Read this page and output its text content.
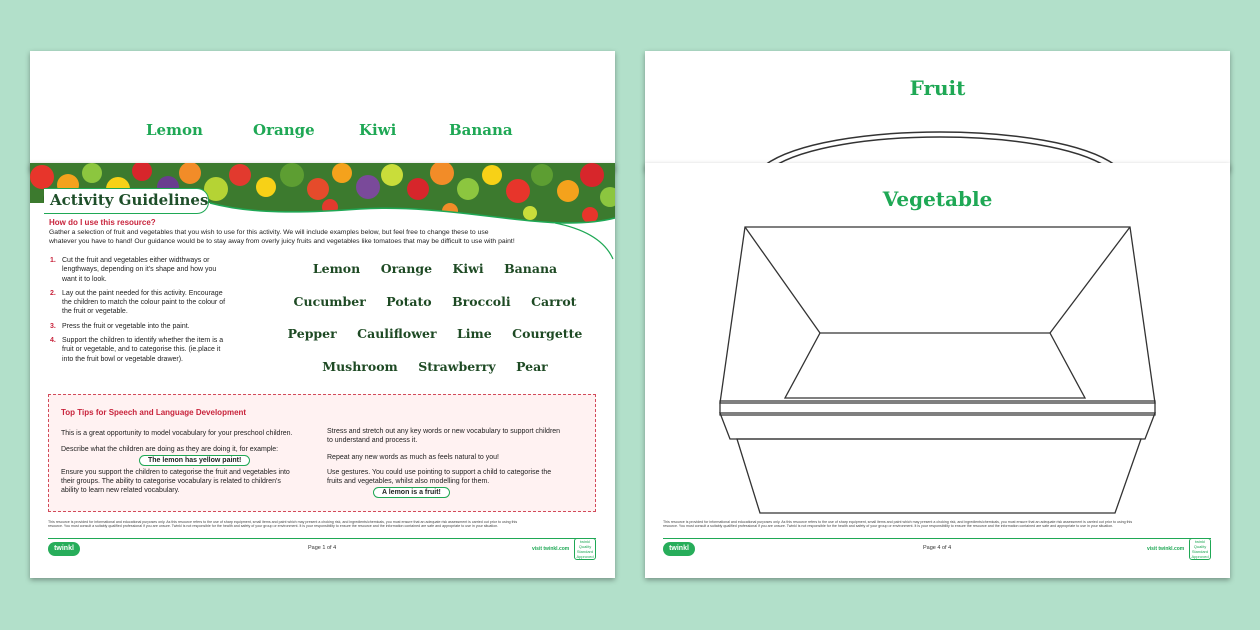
Lemon	Orange	Kiwi	Banana
Activity Guidelines
How do I use this resource?
Gather a selection of fruit and vegetables that you wish to use for this activity. We will include examples below, but feel free to change these to use
whatever you have to hand! Our guidance would be to stay away from overly juicy fruits and vegetables like tomatoes that may be difficult to use with paint!
1. Cut the fruit and vegetables either widthways or
lengthways, depending on it's shape and how you
want it to look.
2. Lay out the paint needed for this activity. Encourage
the children to match the colour paint to the colour of
the fruit or vegetable.
3. Press the fruit or vegetable into the paint.
4. Support the children to identify whether the item is a
fruit or vegetable, and to categorise this. (ie.place it
into the fruit bowl or vegetable drawer).
Lemon Orange Kiwi Banana
Cucumber Potato Broccoli Carrot
Pepper Cauliflower Lime Courgette
Mushroom Strawberry Pear
Top Tips for Speech and Language Development

This is a great opportunity to model vocabulary for your preschool children.

Describe what the children are doing as they are doing it, for example:

The lemon has yellow paint!

Ensure you support the children to categorise the fruit and vegetables into
their groups. The ability to categorise vocabulary is related to children's
ability to learn new related vocabulary.

Stress and stretch out any key words or new vocabulary to support children
to understand and process it.

Repeat any new words as much as feels natural to you!

Use gestures. You could use pointing to support a child to categorise the
fruits and vegetables, whilst also modelling for them.

A lemon is a fruit!
This resource is provided for informational and educational purposes only. As this resource refers to the use of sharp equipment, small items and paint which may present a choking risk, and ingredients/chemicals, you must ensure that an adequate risk assessment is carried out prior to using this
resource. You must consult a suitably qualified professional if you are unsure. Twinkl is not responsible for the health and safety of your group or environment. It is your responsibility to ensure the resource and the information contained are safe and appropriate to use in your situation.
twinkl	Page 1 of 4	visit twinkl.com
twinkl Quality Standard Approved
Fruit
Vegetable
This resource is provided for informational and educational purposes only. As this resource refers to the use of sharp equipment, small items and paint which may present a choking risk, and ingredients/chemicals, you must ensure that an adequate risk assessment is carried out prior to using this
resource. You must consult a suitably qualified professional if you are unsure. Twinkl is not responsible for the health and safety of your group or environment. It is your responsibility to ensure the resource and the information contained are safe and appropriate to use in your situation.
twinkl	Page 4 of 4	visit twinkl.com
twinkl Quality Standard Approved
